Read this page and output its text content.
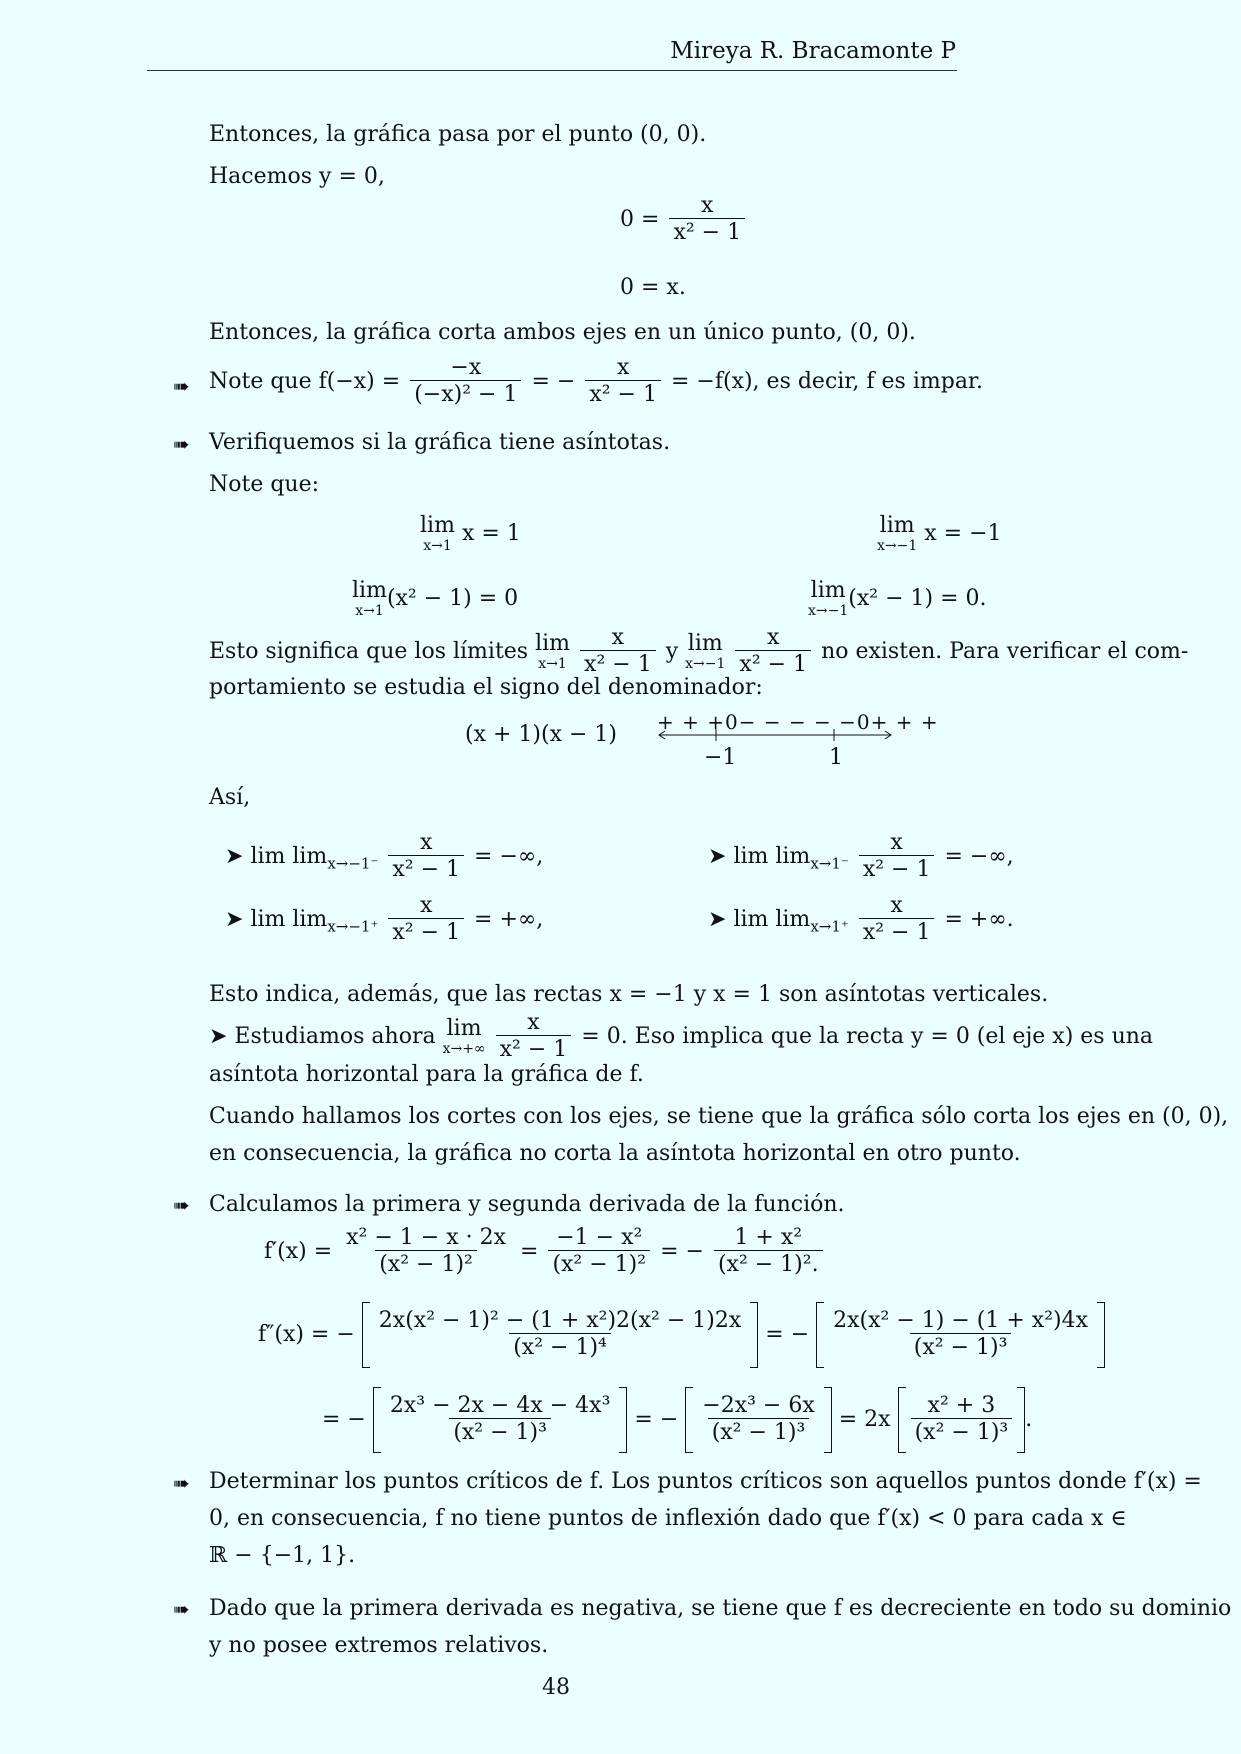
Mireya R. Bracamonte P
Entonces, la gráfica pasa por el punto (0, 0).
Hacemos y = 0,
$0 = \frac{x}{\text{x² − 1}}$
0 = x.
Entonces, la gráfica corta ambos ejes en un único punto, (0, 0).
➠ Note que $f(-x) = \frac{-x}{\text{(−x)² − 1}}$ = − $\frac{x}{\text{x² − 1}} = -f(x)$, es decir, f es impar.
➠ Verifiquemos si la gráfica tiene asíntotas.
Note que:
lim
x→1 x = 1	lim
x→−1 x = −1
lim
x→1 (x² − 1) = 0	lim
x→−1 (x² − 1) = 0.
Esto significa que los límites lim
x→1
$\frac{x}{\text{x² − 1}}$ y lim
x→−1
$\frac{x}{\text{x² − 1}}$ no existen. Para verificar el com-
portamiento se estudia el signo del denominador:
(x + 1)(x − 1) + + +0− − − − −0+ + +
−1	1
Así,
➤ $\lim \lim_{x\to-1^-} \frac{x}{\text{x² − 1}}$ = −∞,	➤ $\lim \lim_{x\to 1^-} \frac{x}{\text{x² − 1}}$ = −∞,
➤ $\lim \lim_{x\to-1^+} \frac{x}{\text{x² − 1}}$ = +∞,	➤ $\lim \lim_{x\to 1^+} \frac{x}{\text{x² − 1}}$ = +∞.
Esto indica, además, que las rectas x = −1 y x = 1 son asíntotas verticales.
➤ Estudiamos ahora lim
x→+∞
$\frac{x}{\text{x² − 1}} = 0$. Eso implica que la recta y = 0 (el eje x) es una
asíntota horizontal para la gráfica de f.
Cuando hallamos los cortes con los ejes, se tiene que la gráfica sólo corta los ejes en (0, 0),
en consecuencia, la gráfica no corta la asíntota horizontal en otro punto.
➠ Calculamos la primera y segunda derivada de la función.
$f'(x) = \frac{\text{x² − 1 − x · 2x}}{\text{(x² − 1)²}} = \frac{\text{−1 − x²}}{\text{(x² − 1)²}}$ = − $\frac{\text{1 + x²}}{\text{(x² − 1)².}}$
f″(x) = − $\frac{\text{2x(x² − 1)² − (1 + x²)2(x² − 1)2x}}{\text{(x² − 1)⁴}}$ = − $\frac{\text{2x(x² − 1) − (1 + x²)4x}}{\text{(x² − 1)³}}$
= − $\frac{\text{2x³ − 2x − 4x − 4x³}}{\text{(x² − 1)³}}$ = − $\frac{\text{−2x³ − 6x}}{\text{(x² − 1)³}} = 2x \frac{\text{x² + 3}}{\text{(x² − 1)³}}$ .
➠ Determinar los puntos críticos de f. Los puntos críticos son aquellos puntos donde f′(x) =
0, en consecuencia, f no tiene puntos de inflexión dado que f′(x) < 0 para cada x ∈
ℝ − {−1, 1}.
➠ Dado que la primera derivada es negativa, se tiene que f es decreciente en todo su dominio
y no posee extremos relativos.
48
